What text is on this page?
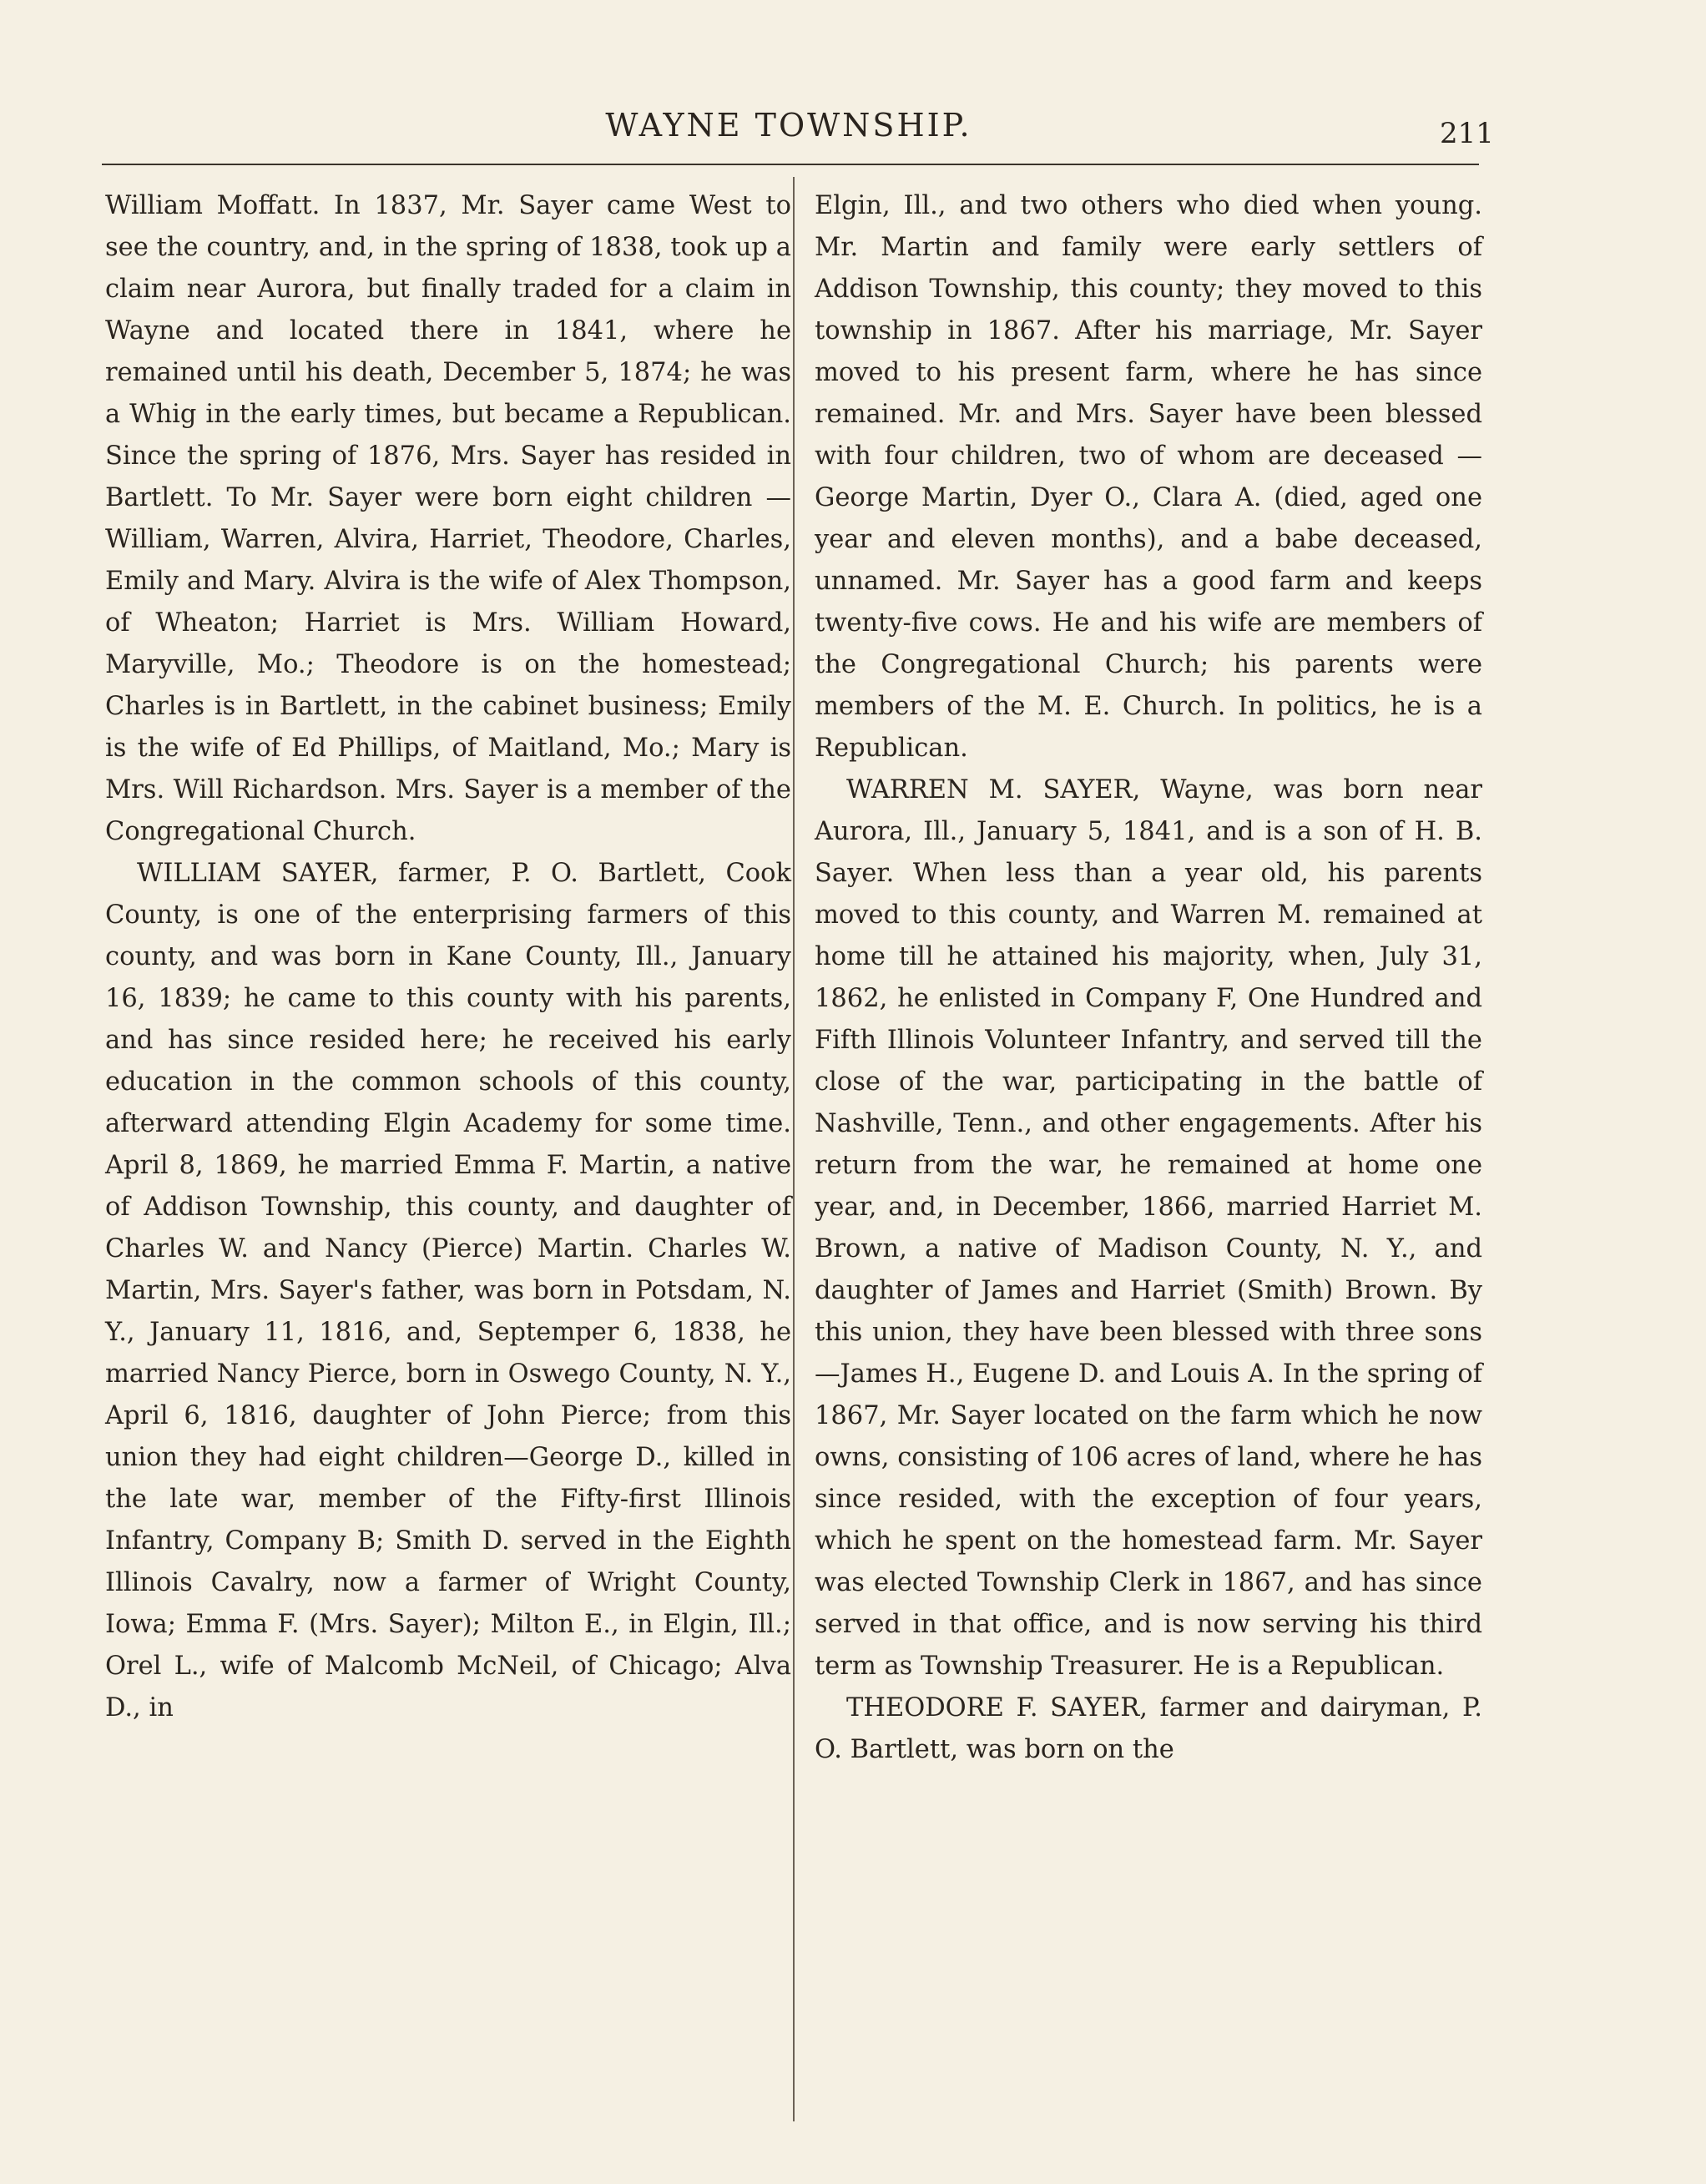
WAYNE TOWNSHIP.	211

William Moffatt. In 1837, Mr. Sayer came West to see the country, and, in the spring of 1838, took up a claim near Aurora, but finally traded for a claim in Wayne and located there in 1841, where he remained until his death, December 5, 1874; he was a Whig in the early times, but became a Republican. Since the spring of 1876, Mrs. Sayer has resided in Bartlett. To Mr. Sayer were born eight children — William, Warren, Alvira, Harriet, Theodore, Charles, Emily and Mary. Alvira is the wife of Alex Thompson, of Wheaton; Harriet is Mrs. William Howard, Maryville, Mo.; Theodore is on the homestead; Charles is in Bartlett, in the cabinet business; Emily is the wife of Ed Phillips, of Maitland, Mo.; Mary is Mrs. Will Richardson. Mrs. Sayer is a member of the Congregational Church.

WILLIAM SAYER, farmer, P. O. Bartlett, Cook County, is one of the enterprising farmers of this county, and was born in Kane County, Ill., January 16, 1839; he came to this county with his parents, and has since resided here; he received his early education in the common schools of this county, afterward attending Elgin Academy for some time. April 8, 1869, he married Emma F. Martin, a native of Addison Township, this county, and daughter of Charles W. and Nancy (Pierce) Martin. Charles W. Martin, Mrs. Sayer's father, was born in Potsdam, N. Y., January 11, 1816, and, Septemper 6, 1838, he married Nancy Pierce, born in Oswego County, N. Y., April 6, 1816, daughter of John Pierce; from this union they had eight children—George D., killed in the late war, member of the Fifty-first Illinois Infantry, Company B; Smith D. served in the Eighth Illinois Cavalry, now a farmer of Wright County, Iowa; Emma F. (Mrs. Sayer); Milton E., in Elgin, Ill.; Orel L., wife of Malcomb McNeil, of Chicago; Alva D., in

Elgin, Ill., and two others who died when young. Mr. Martin and family were early settlers of Addison Township, this county; they moved to this township in 1867. After his marriage, Mr. Sayer moved to his present farm, where he has since remained. Mr. and Mrs. Sayer have been blessed with four children, two of whom are deceased — George Martin, Dyer O., Clara A. (died, aged one year and eleven months), and a babe deceased, unnamed. Mr. Sayer has a good farm and keeps twenty-five cows. He and his wife are members of the Congregational Church; his parents were members of the M. E. Church. In politics, he is a Republican.

WARREN M. SAYER, Wayne, was born near Aurora, Ill., January 5, 1841, and is a son of H. B. Sayer. When less than a year old, his parents moved to this county, and Warren M. remained at home till he attained his majority, when, July 31, 1862, he enlisted in Company F, One Hundred and Fifth Illinois Volunteer Infantry, and served till the close of the war, participating in the battle of Nashville, Tenn., and other engagements. After his return from the war, he remained at home one year, and, in December, 1866, married Harriet M. Brown, a native of Madison County, N. Y., and daughter of James and Harriet (Smith) Brown. By this union, they have been blessed with three sons—James H., Eugene D. and Louis A. In the spring of 1867, Mr. Sayer located on the farm which he now owns, consisting of 106 acres of land, where he has since resided, with the exception of four years, which he spent on the homestead farm. Mr. Sayer was elected Township Clerk in 1867, and has since served in that office, and is now serving his third term as Township Treasurer. He is a Republican.

THEODORE F. SAYER, farmer and dairyman, P. O. Bartlett, was born on the
